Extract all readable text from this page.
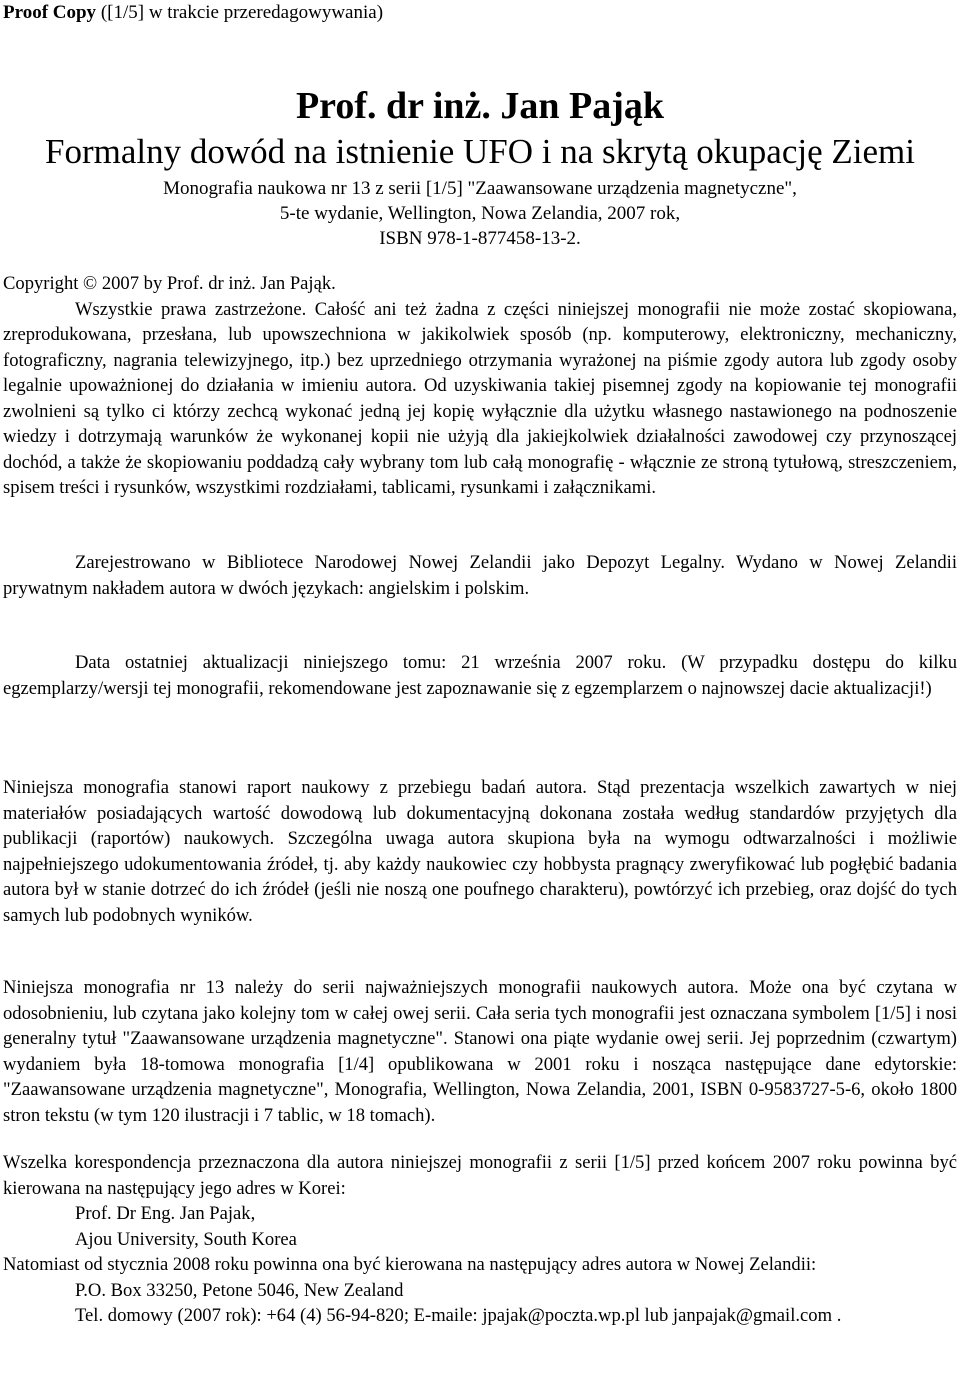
Proof Copy ([1/5] w trakcie przeredagowywania)
Prof. dr inż. Jan Pająk
Formalny dowód na istnienie UFO i na skrytą okupację Ziemi
Monografia naukowa nr 13 z serii [1/5] "Zaawansowane urządzenia magnetyczne",
5-te wydanie, Wellington, Nowa Zelandia, 2007 rok,
ISBN 978-1-877458-13-2.

Copyright © 2007 by Prof. dr inż. Jan Pająk.

Wszystkie prawa zastrzeżone. Całość ani też żadna z części niniejszej monografii nie może zostać skopiowana, zreprodukowana, przesłana, lub upowszechniona w jakikolwiek sposób (np. komputerowy, elektroniczny, mechaniczny, fotograficzny, nagrania telewizyjnego, itp.) bez uprzedniego otrzymania wyrażonej na piśmie zgody autora lub zgody osoby legalnie upoważnionej do działania w imieniu autora. Od uzyskiwania takiej pisemnej zgody na kopiowanie tej monografii zwolnieni są tylko ci którzy zechcą wykonać jedną jej kopię wyłącznie dla użytku własnego nastawionego na podnoszenie wiedzy i dotrzymają warunków że wykonanej kopii nie użyją dla jakiejkolwiek działalności zawodowej czy przynoszącej dochód, a także że skopiowaniu poddadzą cały wybrany tom lub całą monografię - włącznie ze stroną tytułową, streszczeniem, spisem treści i rysunków, wszystkimi rozdziałami, tablicami, rysunkami i załącznikami.

Zarejestrowano w Bibliotece Narodowej Nowej Zelandii jako Depozyt Legalny. Wydano w Nowej Zelandii prywatnym nakładem autora w dwóch językach: angielskim i polskim.
Data ostatniej aktualizacji niniejszego tomu: 21 września 2007 roku. (W przypadku dostępu do kilku egzemplarzy/wersji tej monografii, rekomendowane jest zapoznawanie się z egzemplarzem o najnowszej dacie aktualizacji!)
Niniejsza monografia stanowi raport naukowy z przebiegu badań autora. Stąd prezentacja wszelkich zawartych w niej materiałów posiadających wartość dowodową lub dokumentacyjną dokonana została według standardów przyjętych dla publikacji (raportów) naukowych. Szczególna uwaga autora skupiona była na wymogu odtwarzalności i możliwie najpełniejszego udokumentowania źródeł, tj. aby każdy naukowiec czy hobbysta pragnący zweryfikować lub pogłębić badania autora był w stanie dotrzeć do ich źródeł (jeśli nie noszą one poufnego charakteru), powtórzyć ich przebieg, oraz dojść do tych samych lub podobnych wyników.
Niniejsza monografia nr 13 należy do serii najważniejszych monografii naukowych autora. Może ona być czytana w odosobnieniu, lub czytana jako kolejny tom w całej owej serii. Cała seria tych monografii jest oznaczana symbolem [1/5] i nosi generalny tytuł "Zaawansowane urządzenia magnetyczne". Stanowi ona piąte wydanie owej serii. Jej poprzednim (czwartym) wydaniem była 18-tomowa monografia [1/4] opublikowana w 2001 roku i nosząca następujące dane edytorskie: "Zaawansowane urządzenia magnetyczne", Monografia, Wellington, Nowa Zelandia, 2001, ISBN 0-9583727-5-6, około 1800 stron tekstu (w tym 120 ilustracji i 7 tablic, w 18 tomach).

Wszelka korespondencja przeznaczona dla autora niniejszej monografii z serii [1/5] przed końcem 2007 roku powinna być kierowana na następujący jego adres w Korei:

Prof. Dr Eng. Jan Pajak,

Ajou University, South Korea

Natomiast od stycznia 2008 roku powinna ona być kierowana na następujący adres autora w Nowej Zelandii:

P.O. Box 33250, Petone 5046, New Zealand

Tel. domowy (2007 rok): +64 (4) 56-94-820; E-maile: jpajak@poczta.wp.pl lub janpajak@gmail.com .
